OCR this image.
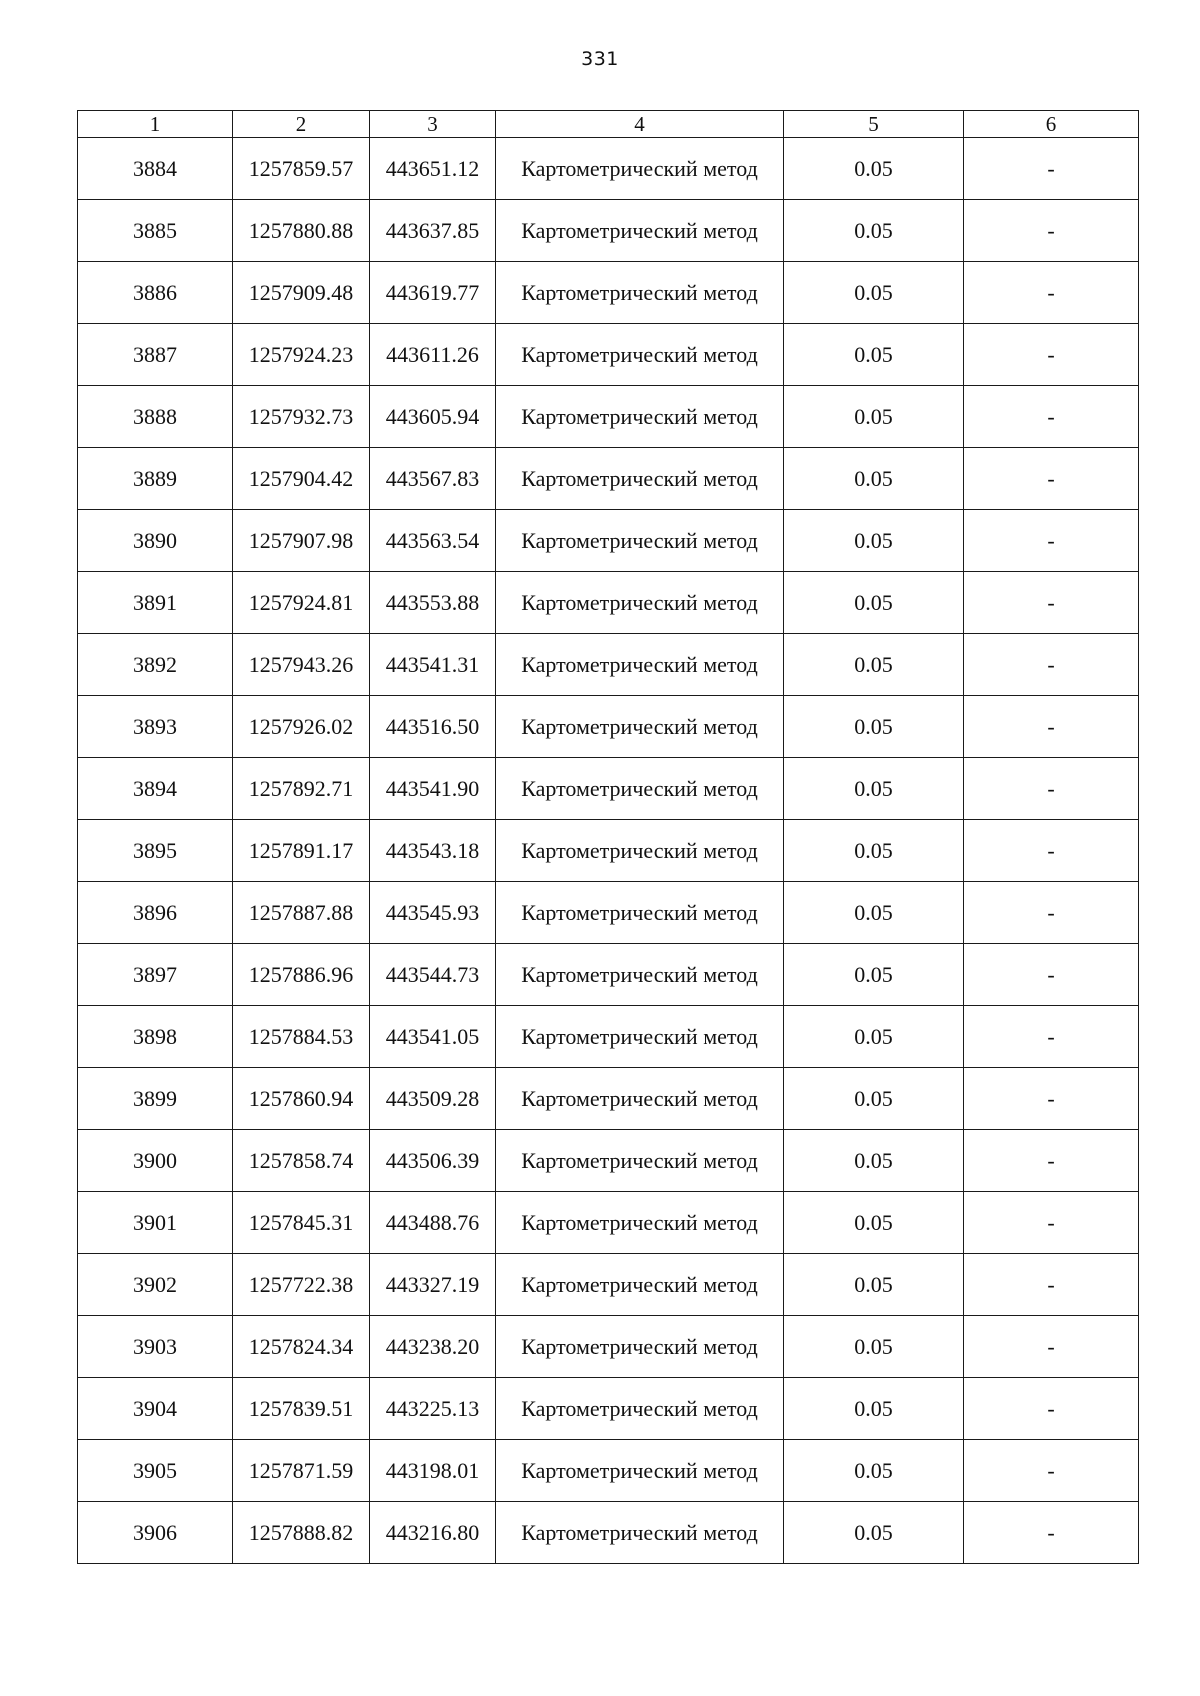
331
1	2	3	4	5	6
3884	1257859.57	443651.12	Картометрический метод	0.05	-
3885	1257880.88	443637.85	Картометрический метод	0.05	-
3886	1257909.48	443619.77	Картометрический метод	0.05	-
3887	1257924.23	443611.26	Картометрический метод	0.05	-
3888	1257932.73	443605.94	Картометрический метод	0.05	-
3889	1257904.42	443567.83	Картометрический метод	0.05	-
3890	1257907.98	443563.54	Картометрический метод	0.05	-
3891	1257924.81	443553.88	Картометрический метод	0.05	-
3892	1257943.26	443541.31	Картометрический метод	0.05	-
3893	1257926.02	443516.50	Картометрический метод	0.05	-
3894	1257892.71	443541.90	Картометрический метод	0.05	-
3895	1257891.17	443543.18	Картометрический метод	0.05	-
3896	1257887.88	443545.93	Картометрический метод	0.05	-
3897	1257886.96	443544.73	Картометрический метод	0.05	-
3898	1257884.53	443541.05	Картометрический метод	0.05	-
3899	1257860.94	443509.28	Картометрический метод	0.05	-
3900	1257858.74	443506.39	Картометрический метод	0.05	-
3901	1257845.31	443488.76	Картометрический метод	0.05	-
3902	1257722.38	443327.19	Картометрический метод	0.05	-
3903	1257824.34	443238.20	Картометрический метод	0.05	-
3904	1257839.51	443225.13	Картометрический метод	0.05	-
3905	1257871.59	443198.01	Картометрический метод	0.05	-
3906	1257888.82	443216.80	Картометрический метод	0.05	-
